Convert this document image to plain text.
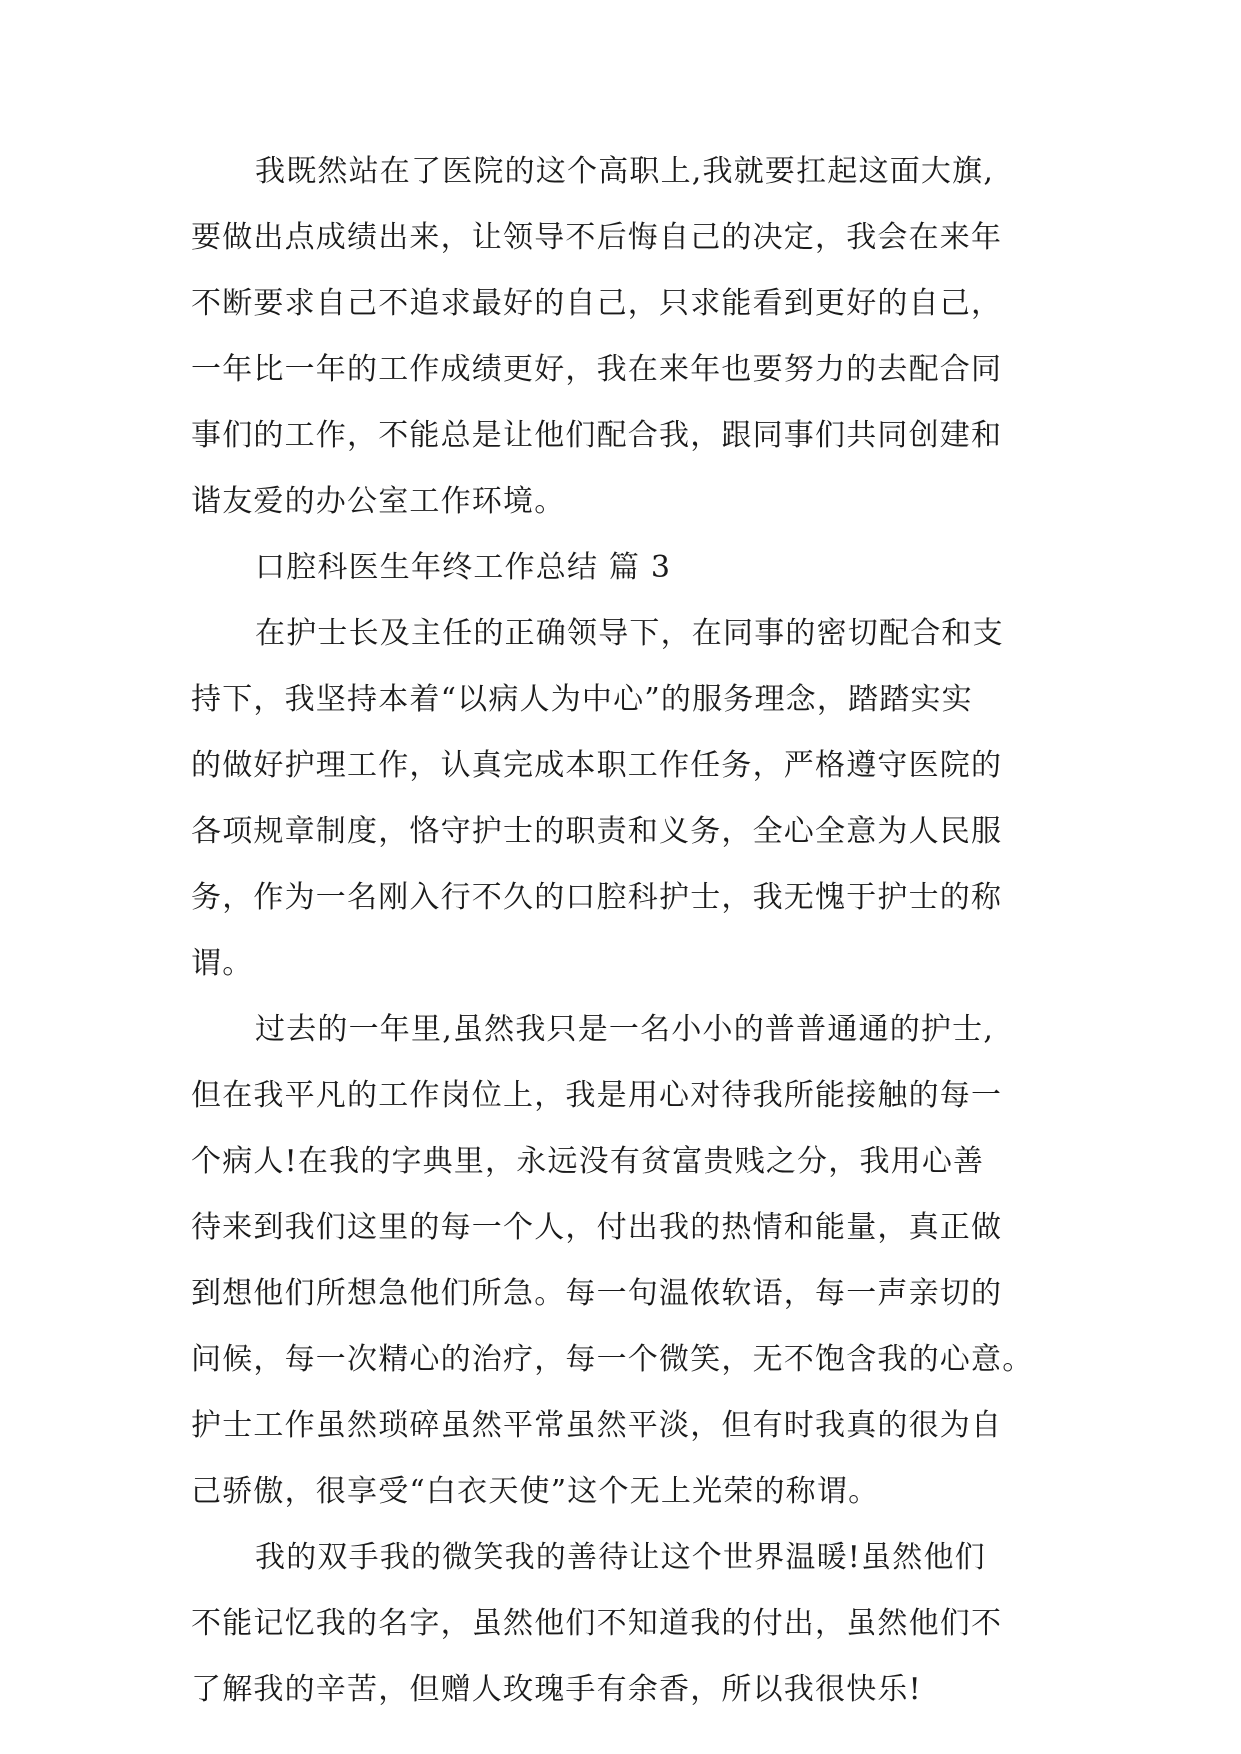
我既然站在了医院的这个高职上,我就要扛起这面大旗,

要做出点成绩出来，让领导不后悔自己的决定，我会在来年

不断要求自己不追求最好的自己，只求能看到更好的自己，

一年比一年的工作成绩更好，我在来年也要努力的去配合同

事们的工作，不能总是让他们配合我，跟同事们共同创建和

谐友爱的办公室工作环境。

口腔科医生年终工作总结 篇 3

在护士长及主任的正确领导下，在同事的密切配合和支

持下，我坚持本着“以病人为中心”的服务理念，踏踏实实

的做好护理工作，认真完成本职工作任务，严格遵守医院的

各项规章制度，恪守护士的职责和义务，全心全意为人民服

务，作为一名刚入行不久的口腔科护士，我无愧于护士的称

谓。

过去的一年里,虽然我只是一名小小的普普通通的护士,

但在我平凡的工作岗位上，我是用心对待我所能接触的每一

个病人!在我的字典里，永远没有贫富贵贱之分，我用心善

待来到我们这里的每一个人，付出我的热情和能量，真正做

到想他们所想急他们所急。每一句温侬软语，每一声亲切的

问候，每一次精心的治疗，每一个微笑，无不饱含我的心意。

护士工作虽然琐碎虽然平常虽然平淡，但有时我真的很为自

己骄傲，很享受“白衣天使”这个无上光荣的称谓。

我的双手我的微笑我的善待让这个世界温暖!虽然他们

不能记忆我的名字，虽然他们不知道我的付出，虽然他们不

了解我的辛苦，但赠人玫瑰手有余香，所以我很快乐!
